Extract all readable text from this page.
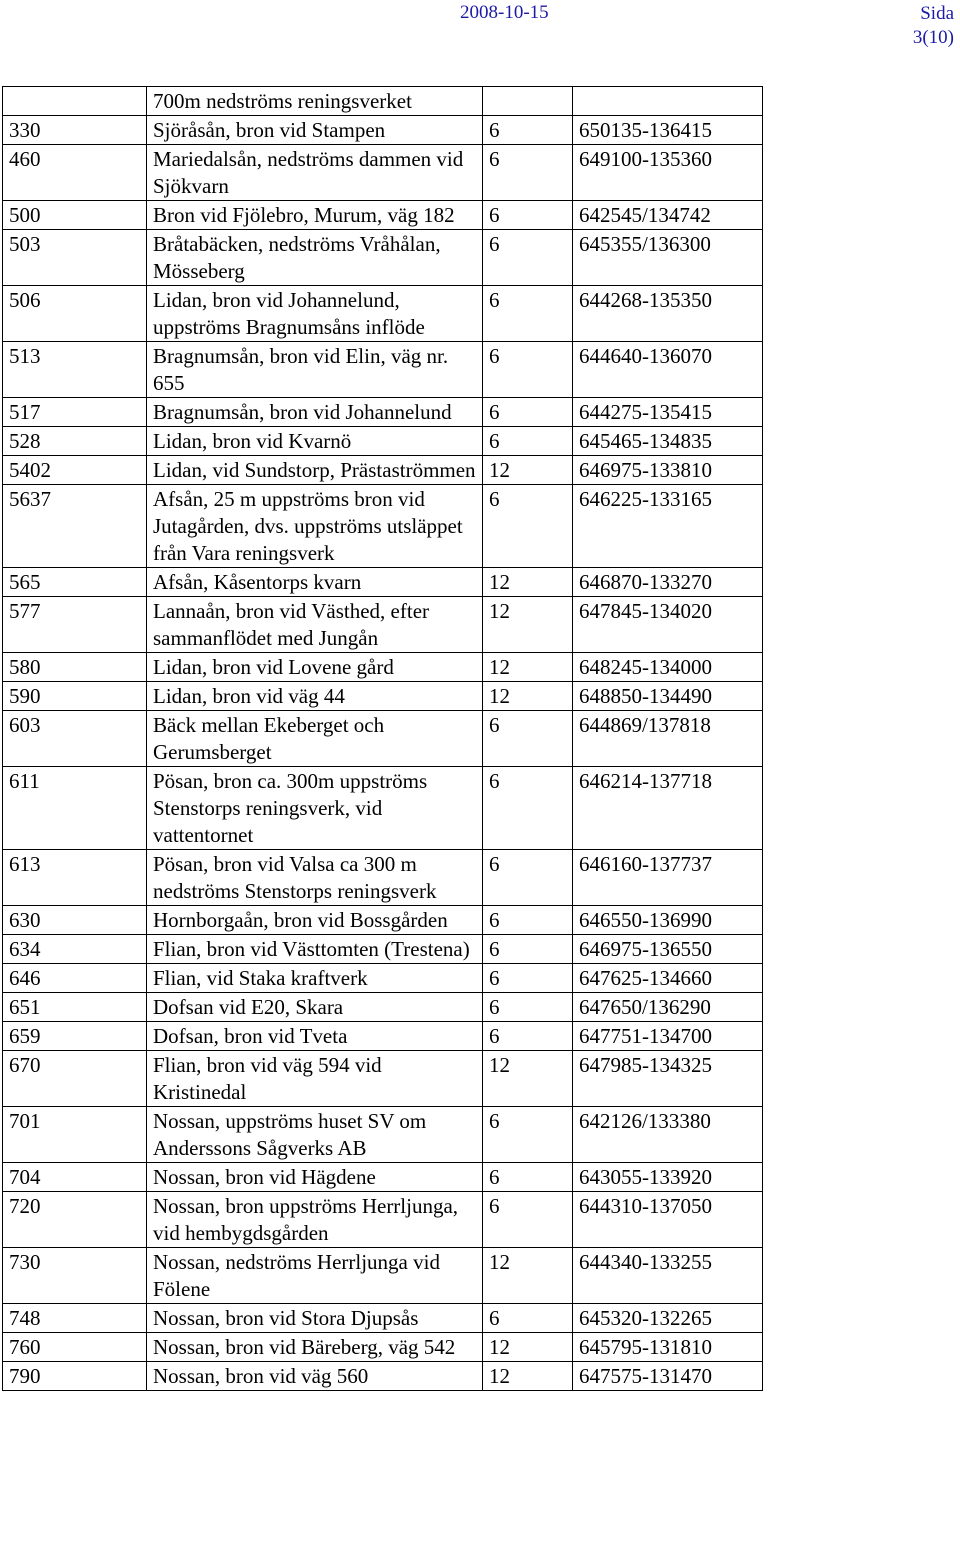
2008-10-15	Sida
3(10)
	700m nedströms reningsverket		
330	Sjöråsån, bron vid Stampen	6	650135-136415
460	Mariedalsån, nedströms dammen vid Sjökvarn	6	649100-135360
500	Bron vid Fjölebro, Murum, väg 182	6	642545/134742
503	Bråtabäcken, nedströms Vråhålan, Mösseberg	6	645355/136300
506	Lidan, bron vid Johannelund, uppströms Bragnumsåns inflöde	6	644268-135350
513	Bragnumsån, bron vid Elin, väg nr. 655	6	644640-136070
517	Bragnumsån, bron vid Johannelund	6	644275-135415
528	Lidan, bron vid Kvarnö	6	645465-134835
5402	Lidan, vid Sundstorp, Prästaströmmen	12	646975-133810
5637	Afsån, 25 m uppströms bron vid Jutagården, dvs. uppströms utsläppet från Vara reningsverk	6	646225-133165
565	Afsån, Kåsentorps kvarn	12	646870-133270
577	Lannaån, bron vid Västhed, efter sammanflödet med Jungån	12	647845-134020
580	Lidan, bron vid Lovene gård	12	648245-134000
590	Lidan, bron vid väg 44	12	648850-134490
603	Bäck mellan Ekeberget och Gerumsberget	6	644869/137818
611	Pösan, bron ca. 300m uppströms Stenstorps reningsverk, vid vattentornet	6	646214-137718
613	Pösan, bron vid Valsa ca 300 m nedströms Stenstorps reningsverk	6	646160-137737
630	Hornborgaån, bron vid Bossgården	6	646550-136990
634	Flian, bron vid Västtomten (Trestena)	6	646975-136550
646	Flian, vid Staka kraftverk	6	647625-134660
651	Dofsan vid E20, Skara	6	647650/136290
659	Dofsan, bron vid Tveta	6	647751-134700
670	Flian, bron vid väg 594 vid Kristinedal	12	647985-134325
701	Nossan, uppströms huset SV om Anderssons Sågverks AB	6	642126/133380
704	Nossan, bron vid Hägdene	6	643055-133920
720	Nossan, bron uppströms Herrljunga, vid hembygdsgården	6	644310-137050
730	Nossan, nedströms Herrljunga vid Fölene	12	644340-133255
748	Nossan, bron vid Stora Djupsås	6	645320-132265
760	Nossan, bron vid Bäreberg, väg 542	12	645795-131810
790	Nossan, bron vid väg 560	12	647575-131470
